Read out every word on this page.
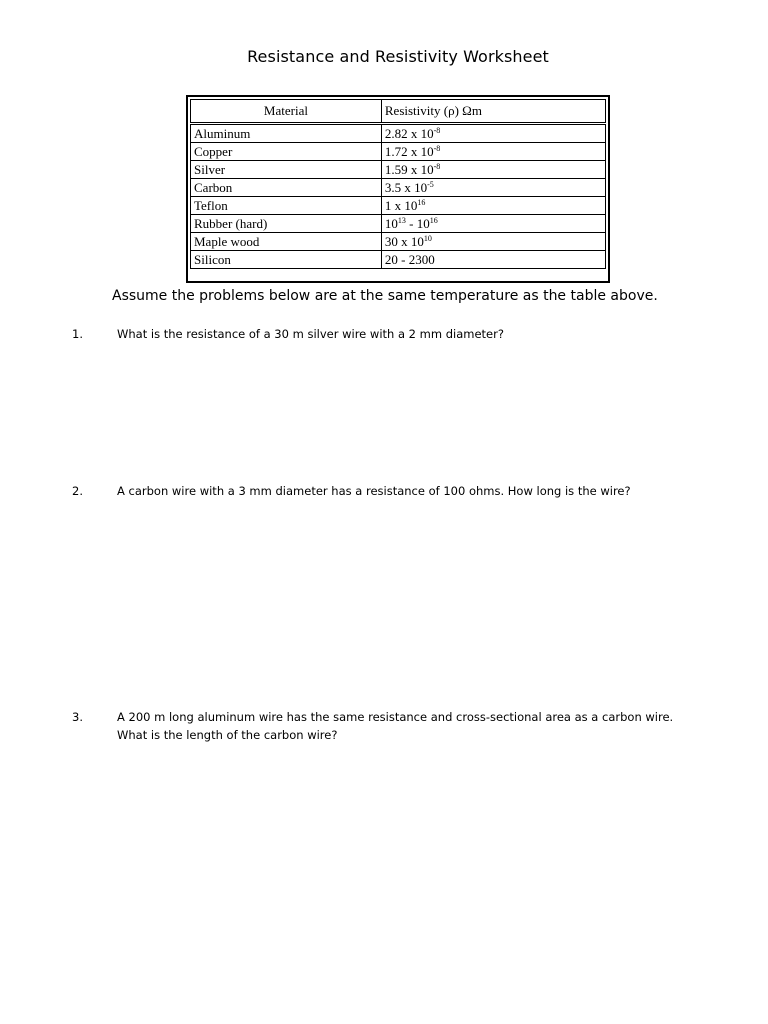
Resistance and Resistivity Worksheet
Material	Resistivity (ρ) Ωm
Aluminum	2.82 x $10^{-8}$
Copper	1.72 x $10^{-8}$
Silver	1.59 x $10^{-8}$
Carbon	3.5 x $10^{-5}$
Teflon	1 x $10^{16}$
Rubber (hard)	$10^{13} - 10^{16}$
Maple wood	30 x $10^{10}$
Silicon	20 - 2300
Assume the problems below are at the same temperature as the table above.
1.	What is the resistance of a 30 m silver wire with a 2 mm diameter?
2.	A carbon wire with a 3 mm diameter has a resistance of 100 ohms. How long is the wire?
3.	A 200 m long aluminum wire has the same resistance and cross-sectional area as a carbon wire. What is the length of the carbon wire?
